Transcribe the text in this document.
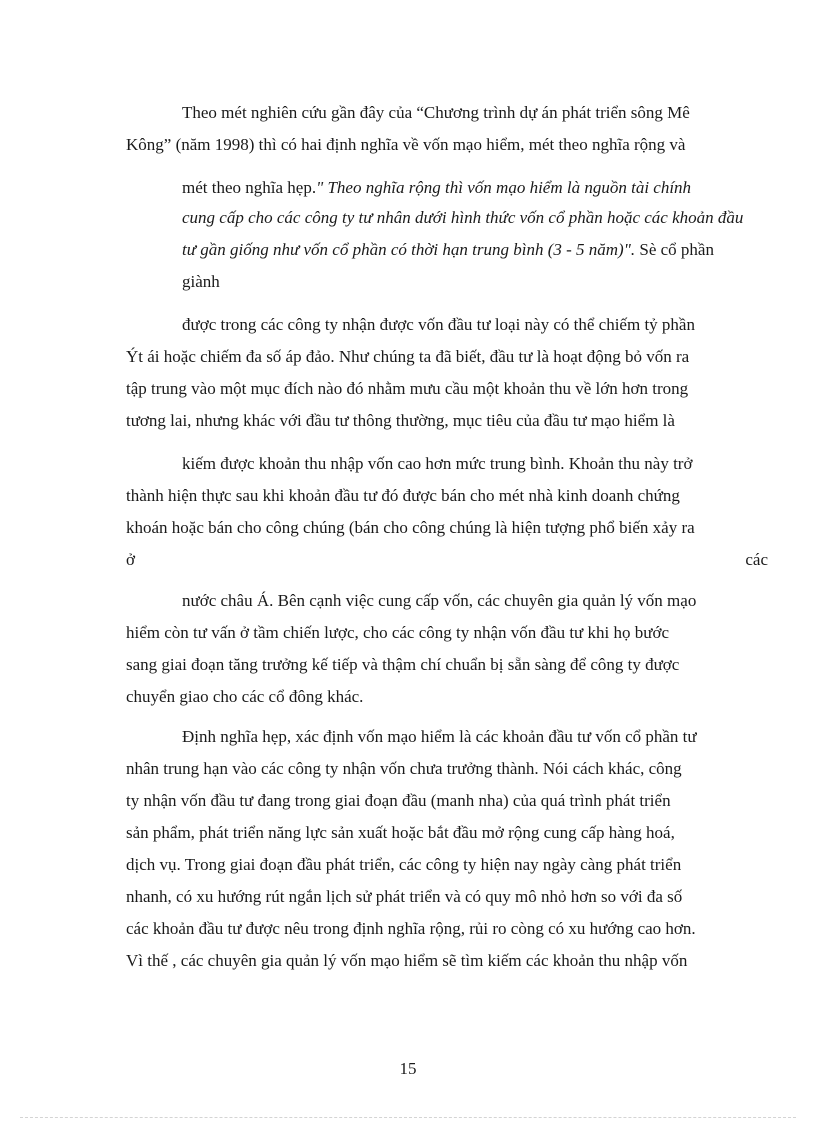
Theo mét nghiên cứu gần đây của “Chương trình dự án phát triển sông Mê
Kông” (năm 1998) thì có hai định nghĩa về vốn mạo hiểm, mét theo nghĩa rộng và
mét theo nghĩa hẹp." Theo nghĩa rộng thì vốn mạo hiểm là nguồn tài chính
cung cấp cho các công ty tư nhân dưới hình thức vốn cổ phần hoặc các khoản đầu
tư gần giống như vốn cổ phần có thời hạn trung bình (3 - 5 năm)". Sè cổ phần
giành
được trong các công ty nhận được vốn đầu tư loại này có thể chiếm tỷ phần
Ýt ái hoặc chiếm đa số áp đảo. Như chúng ta đã biết, đầu tư là hoạt động bỏ vốn ra
tập trung vào một mục đích nào đó nhằm mưu cầu một khoản thu về lớn hơn trong
tương lai, nhưng khác với đầu tư thông thường, mục tiêu của đầu tư mạo hiểm là
kiếm được khoản thu nhập vốn cao hơn mức trung bình. Khoản thu này trở
thành hiện thực sau khi khoản đầu tư đó được bán cho mét nhà kinh doanh chứng
khoán hoặc bán cho công chúng (bán cho công chúng là hiện tượng phổ biến xảy ra
ở	các
nước châu Á. Bên cạnh việc cung cấp vốn, các chuyên gia quản lý vốn mạo
hiểm còn tư vấn ở tầm chiến lược, cho các công ty nhận vốn đầu tư khi họ bước
sang giai đoạn tăng trưởng kế tiếp và thậm chí chuẩn bị sẵn sàng để công ty được
chuyển giao cho các cổ đông khác.
Định nghĩa hẹp, xác định vốn mạo hiểm là các khoản đầu tư vốn cổ phần tư
nhân trung hạn vào các công ty nhận vốn chưa trưởng thành. Nói cách khác, công
ty nhận vốn đầu tư đang trong giai đoạn đầu (manh nha) của quá trình phát triển
sản phẩm, phát triển năng lực sản xuất hoặc bắt đầu mở rộng cung cấp hàng hoá,
dịch vụ. Trong giai đoạn đầu phát triển, các công ty hiện nay ngày càng phát triển
nhanh, có xu hướng rút ngắn lịch sử phát triển và có quy mô nhỏ hơn so với đa số
các khoản đầu tư được nêu trong định nghĩa rộng, rủi ro còng có xu hướng cao hơn.
Vì thế , các chuyên gia quản lý vốn mạo hiểm sẽ tìm kiếm các khoản thu nhập vốn
15
